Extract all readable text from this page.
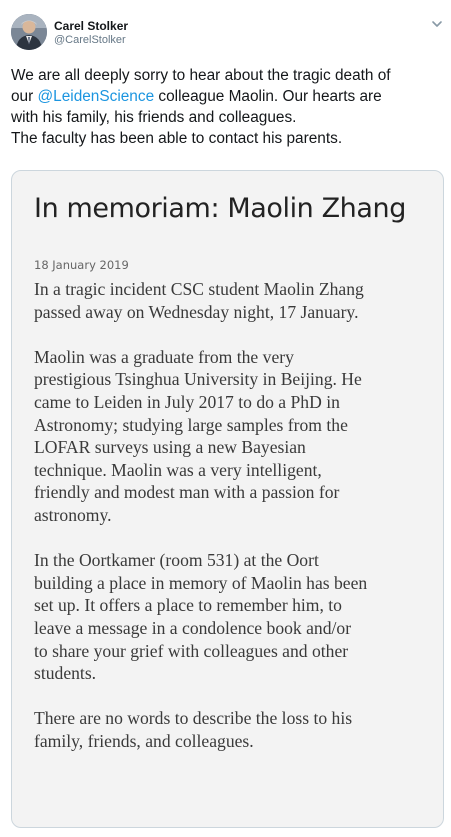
Carel Stolker
@CarelStolker

We are all deeply sorry to hear about the tragic death of

our @LeidenScience colleague Maolin. Our hearts are

with his family, his friends and colleagues.

The faculty has been able to contact his parents.

In memoriam: Maolin Zhang
18 January 2019

In a tragic incident CSC student Maolin Zhang
passed away on Wednesday night, 17 January.

Maolin was a graduate from the very
prestigious Tsinghua University in Beijing. He
came to Leiden in July 2017 to do a PhD in
Astronomy; studying large samples from the
LOFAR surveys using a new Bayesian
technique. Maolin was a very intelligent,
friendly and modest man with a passion for
astronomy.

In the Oortkamer (room 531) at the Oort
building a place in memory of Maolin has been
set up. It offers a place to remember him, to
leave a message in a condolence book and/or
to share your grief with colleagues and other
students.

There are no words to describe the loss to his
family, friends, and colleagues.
